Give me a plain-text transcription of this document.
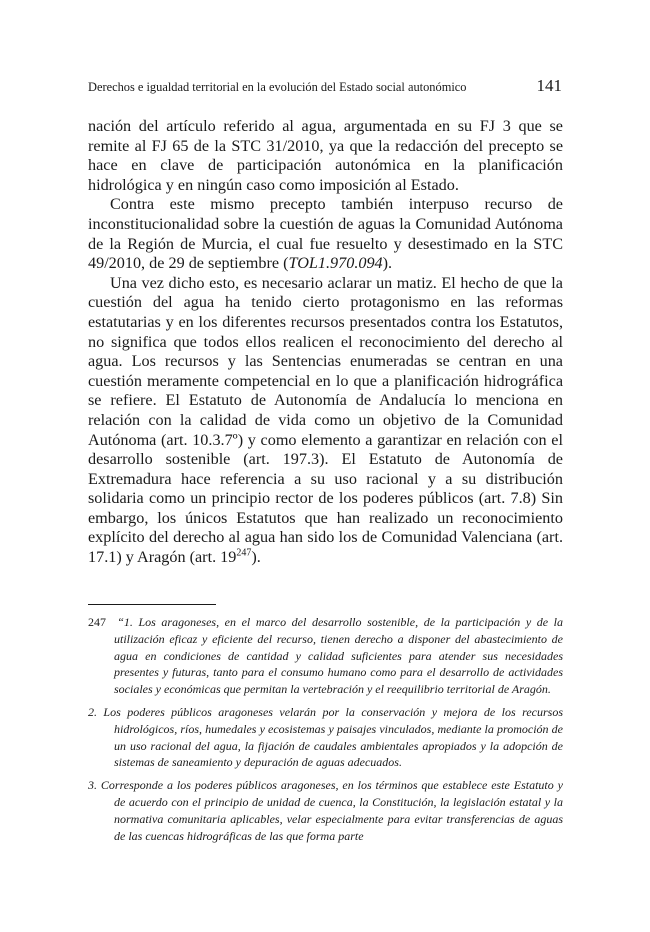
Derechos e igualdad territorial en la evolución del Estado social autonómico	141

nación del artículo referido al agua, argumentada en su FJ 3 que se remite al FJ 65 de la STC 31/2010, ya que la redacción del precepto se hace en clave de participación autonómica en la planificación hidrológica y en ningún caso como imposición al Estado.

Contra este mismo precepto también interpuso recurso de inconstitucionalidad sobre la cuestión de aguas la Comunidad Autónoma de la Región de Murcia, el cual fue resuelto y desestimado en la STC 49/2010, de 29 de septiembre (TOL1.970.094).

Una vez dicho esto, es necesario aclarar un matiz. El hecho de que la cuestión del agua ha tenido cierto protagonismo en las reformas estatutarias y en los diferentes recursos presentados contra los Estatutos, no significa que todos ellos realicen el reconocimiento del derecho al agua. Los recursos y las Sentencias enumeradas se centran en una cuestión meramente competencial en lo que a planificación hidrográfica se refiere. El Estatuto de Autonomía de Andalucía lo menciona en relación con la calidad de vida como un objetivo de la Comunidad Autónoma (art. 10.3.7º) y como elemento a garantizar en relación con el desarrollo sostenible (art. 197.3). El Estatuto de Autonomía de Extremadura hace referencia a su uso racional y a su distribución solidaria como un principio rector de los poderes públicos (art. 7.8) Sin embargo, los únicos Estatutos que han realizado un reconocimiento explícito del derecho al agua han sido los de Comunidad Valenciana (art. 17.1) y Aragón (art. $19^{247}$).

247 “1. Los aragoneses, en el marco del desarrollo sostenible, de la participación y de la utilización eficaz y eficiente del recurso, tienen derecho a disponer del abastecimiento de agua en condiciones de cantidad y calidad suficientes para atender sus necesidades presentes y futuras, tanto para el consumo humano como para el desarrollo de actividades sociales y económicas que permitan la vertebración y el reequilibrio territorial de Aragón.

2. Los poderes públicos aragoneses velarán por la conservación y mejora de los recursos hidrológicos, ríos, humedales y ecosistemas y paisajes vinculados, mediante la promoción de un uso racional del agua, la fijación de caudales ambientales apropiados y la adopción de sistemas de saneamiento y depuración de aguas adecuados.

3. Corresponde a los poderes públicos aragoneses, en los términos que establece este Estatuto y de acuerdo con el principio de unidad de cuenca, la Constitución, la legislación estatal y la normativa comunitaria aplicables, velar especialmente para evitar transferencias de aguas de las cuencas hidrográficas de las que forma parte
